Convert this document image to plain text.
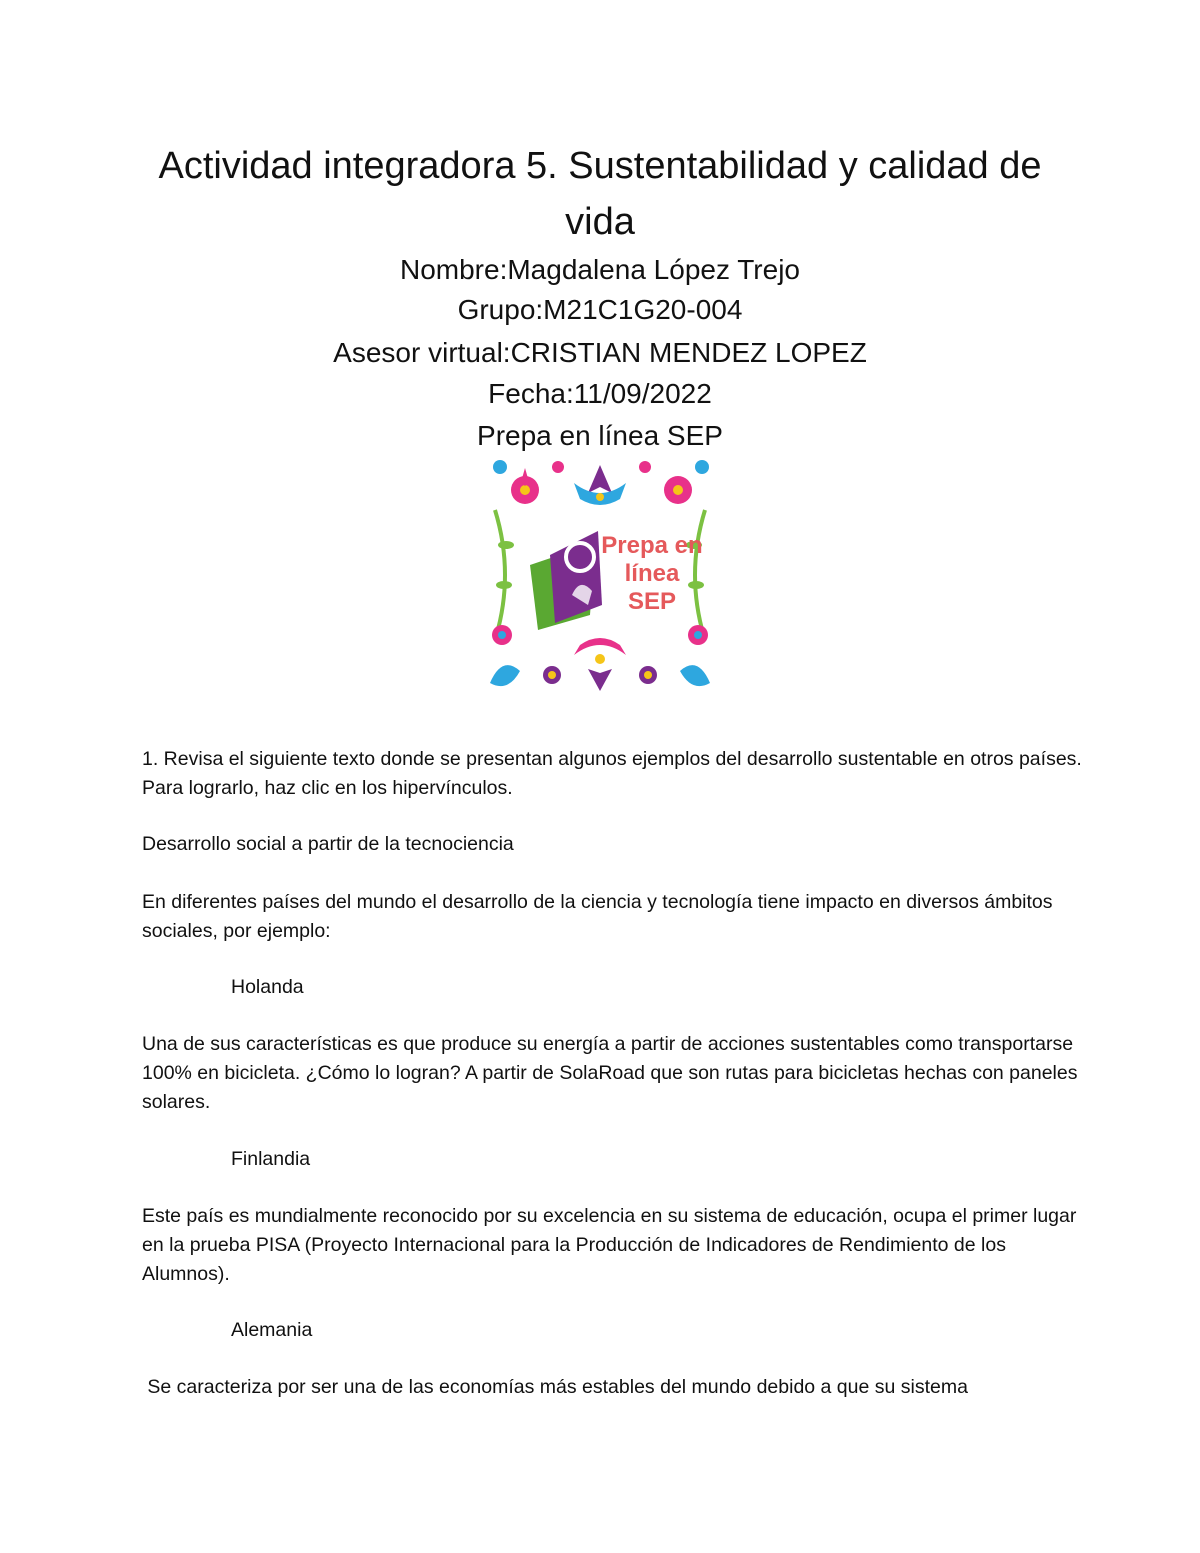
Actividad integradora 5. Sustentabilidad y calidad de vida
Nombre:Magdalena López Trejo
Grupo:M21C1G20-004
Asesor virtual:CRISTIAN MENDEZ LOPEZ
Fecha:11/09/2022
Prepa en línea SEP
Prepa en
línea
SEP

1. Revisa el siguiente texto donde se presentan algunos ejemplos del desarrollo sustentable en otros países. Para lograrlo, haz clic en los hipervínculos.

Desarrollo social a partir de la tecnociencia

En diferentes países del mundo el desarrollo de la ciencia y tecnología tiene impacto en diversos ámbitos sociales, por ejemplo:

Holanda

Una de sus características es que produce su energía a partir de acciones sustentables como transportarse 100% en bicicleta. ¿Cómo lo logran? A partir de SolaRoad que son rutas para bicicletas hechas con paneles solares.

Finlandia

Este país es mundialmente reconocido por su excelencia en su sistema de educación, ocupa el primer lugar en la prueba PISA (Proyecto Internacional para la Producción de Indicadores de Rendimiento de los Alumnos).

Alemania

Se caracteriza por ser una de las economías más estables del mundo debido a que su sistema
